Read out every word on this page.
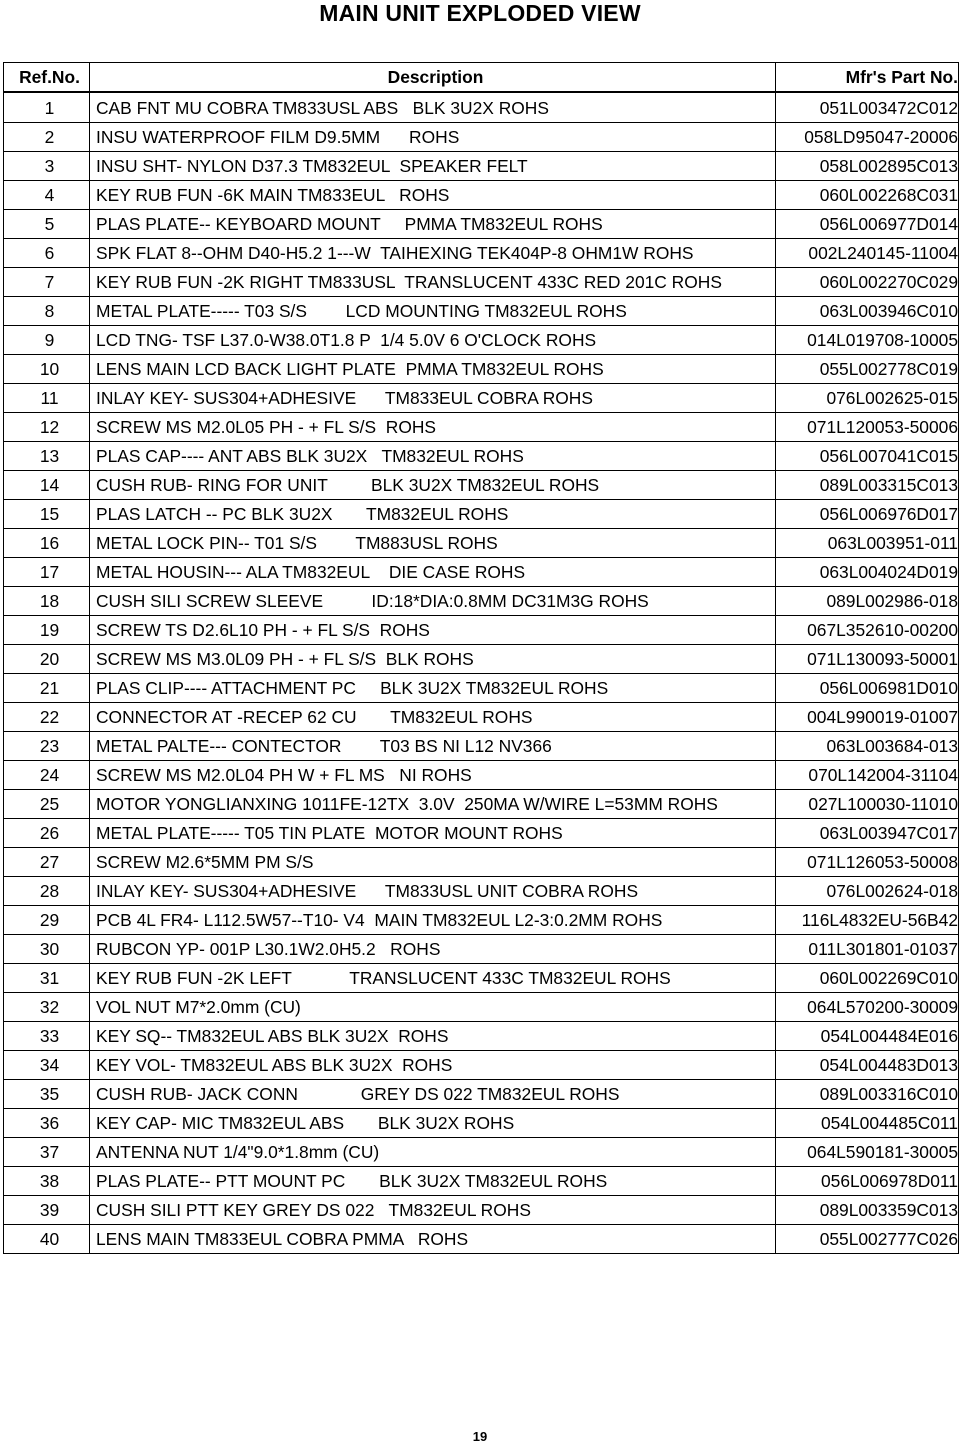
MAIN UNIT EXPLODED VIEW
Ref.No.	Description	Mfr's Part No.
1	CAB FNT MU COBRA TM833USL ABS   BLK 3U2X ROHS	051L003472C012
2	INSU WATERPROOF FILM D9.5MM      ROHS	058LD95047-20006
3	INSU SHT- NYLON D37.3 TM832EUL  SPEAKER FELT	058L002895C013
4	KEY RUB FUN -6K MAIN TM833EUL   ROHS	060L002268C031
5	PLAS PLATE-- KEYBOARD MOUNT     PMMA TM832EUL ROHS	056L006977D014
6	SPK FLAT 8--OHM D40-H5.2 1---W  TAIHEXING TEK404P-8 OHM1W ROHS	002L240145-11004
7	KEY RUB FUN -2K RIGHT TM833USL  TRANSLUCENT 433C RED 201C ROHS	060L002270C029
8	METAL PLATE----- T03 S/S        LCD MOUNTING TM832EUL ROHS	063L003946C010
9	LCD TNG- TSF L37.0-W38.0T1.8 P  1/4 5.0V 6 O'CLOCK ROHS	014L019708-10005
10	LENS MAIN LCD BACK LIGHT PLATE  PMMA TM832EUL ROHS	055L002778C019
11	INLAY KEY- SUS304+ADHESIVE      TM833EUL COBRA ROHS	076L002625-015
12	SCREW MS M2.0L05 PH - + FL S/S  ROHS	071L120053-50006
13	PLAS CAP---- ANT ABS BLK 3U2X   TM832EUL ROHS	056L007041C015
14	CUSH RUB- RING FOR UNIT         BLK 3U2X TM832EUL ROHS	089L003315C013
15	PLAS LATCH -- PC BLK 3U2X       TM832EUL ROHS	056L006976D017
16	METAL LOCK PIN-- T01 S/S        TM883USL ROHS	063L003951-011
17	METAL HOUSIN--- ALA TM832EUL    DIE CASE ROHS	063L004024D019
18	CUSH SILI SCREW SLEEVE          ID:18*DIA:0.8MM DC31M3G ROHS	089L002986-018
19	SCREW TS D2.6L10 PH - + FL S/S  ROHS	067L352610-00200
20	SCREW MS M3.0L09 PH - + FL S/S  BLK ROHS	071L130093-50001
21	PLAS CLIP---- ATTACHMENT PC     BLK 3U2X TM832EUL ROHS	056L006981D010
22	CONNECTOR AT -RECEP 62 CU       TM832EUL ROHS	004L990019-01007
23	METAL PALTE--- CONTECTOR        T03 BS NI L12 NV366	063L003684-013
24	SCREW MS M2.0L04 PH W + FL MS   NI ROHS	070L142004-31104
25	MOTOR YONGLIANXING 1011FE-12TX  3.0V  250MA W/WIRE L=53MM ROHS	027L100030-11010
26	METAL PLATE----- T05 TIN PLATE  MOTOR MOUNT ROHS	063L003947C017
27	SCREW M2.6*5MM PM S/S	071L126053-50008
28	INLAY KEY- SUS304+ADHESIVE      TM833USL UNIT COBRA ROHS	076L002624-018
29	PCB 4L FR4- L112.5W57--T10- V4  MAIN TM832EUL L2-3:0.2MM ROHS	116L4832EU-56B42
30	RUBCON YP- 001P L30.1W2.0H5.2   ROHS	011L301801-01037
31	KEY RUB FUN -2K LEFT            TRANSLUCENT 433C TM832EUL ROHS	060L002269C010
32	VOL NUT M7*2.0mm (CU)	064L570200-30009
33	KEY SQ-- TM832EUL ABS BLK 3U2X  ROHS	054L004484E016
34	KEY VOL- TM832EUL ABS BLK 3U2X  ROHS	054L004483D013
35	CUSH RUB- JACK CONN             GREY DS 022 TM832EUL ROHS	089L003316C010
36	KEY CAP- MIC TM832EUL ABS       BLK 3U2X ROHS	054L004485C011
37	ANTENNA NUT 1/4"9.0*1.8mm (CU)	064L590181-30005
38	PLAS PLATE-- PTT MOUNT PC       BLK 3U2X TM832EUL ROHS	056L006978D011
39	CUSH SILI PTT KEY GREY DS 022   TM832EUL ROHS	089L003359C013
40	LENS MAIN TM833EUL COBRA PMMA   ROHS	055L002777C026
19
